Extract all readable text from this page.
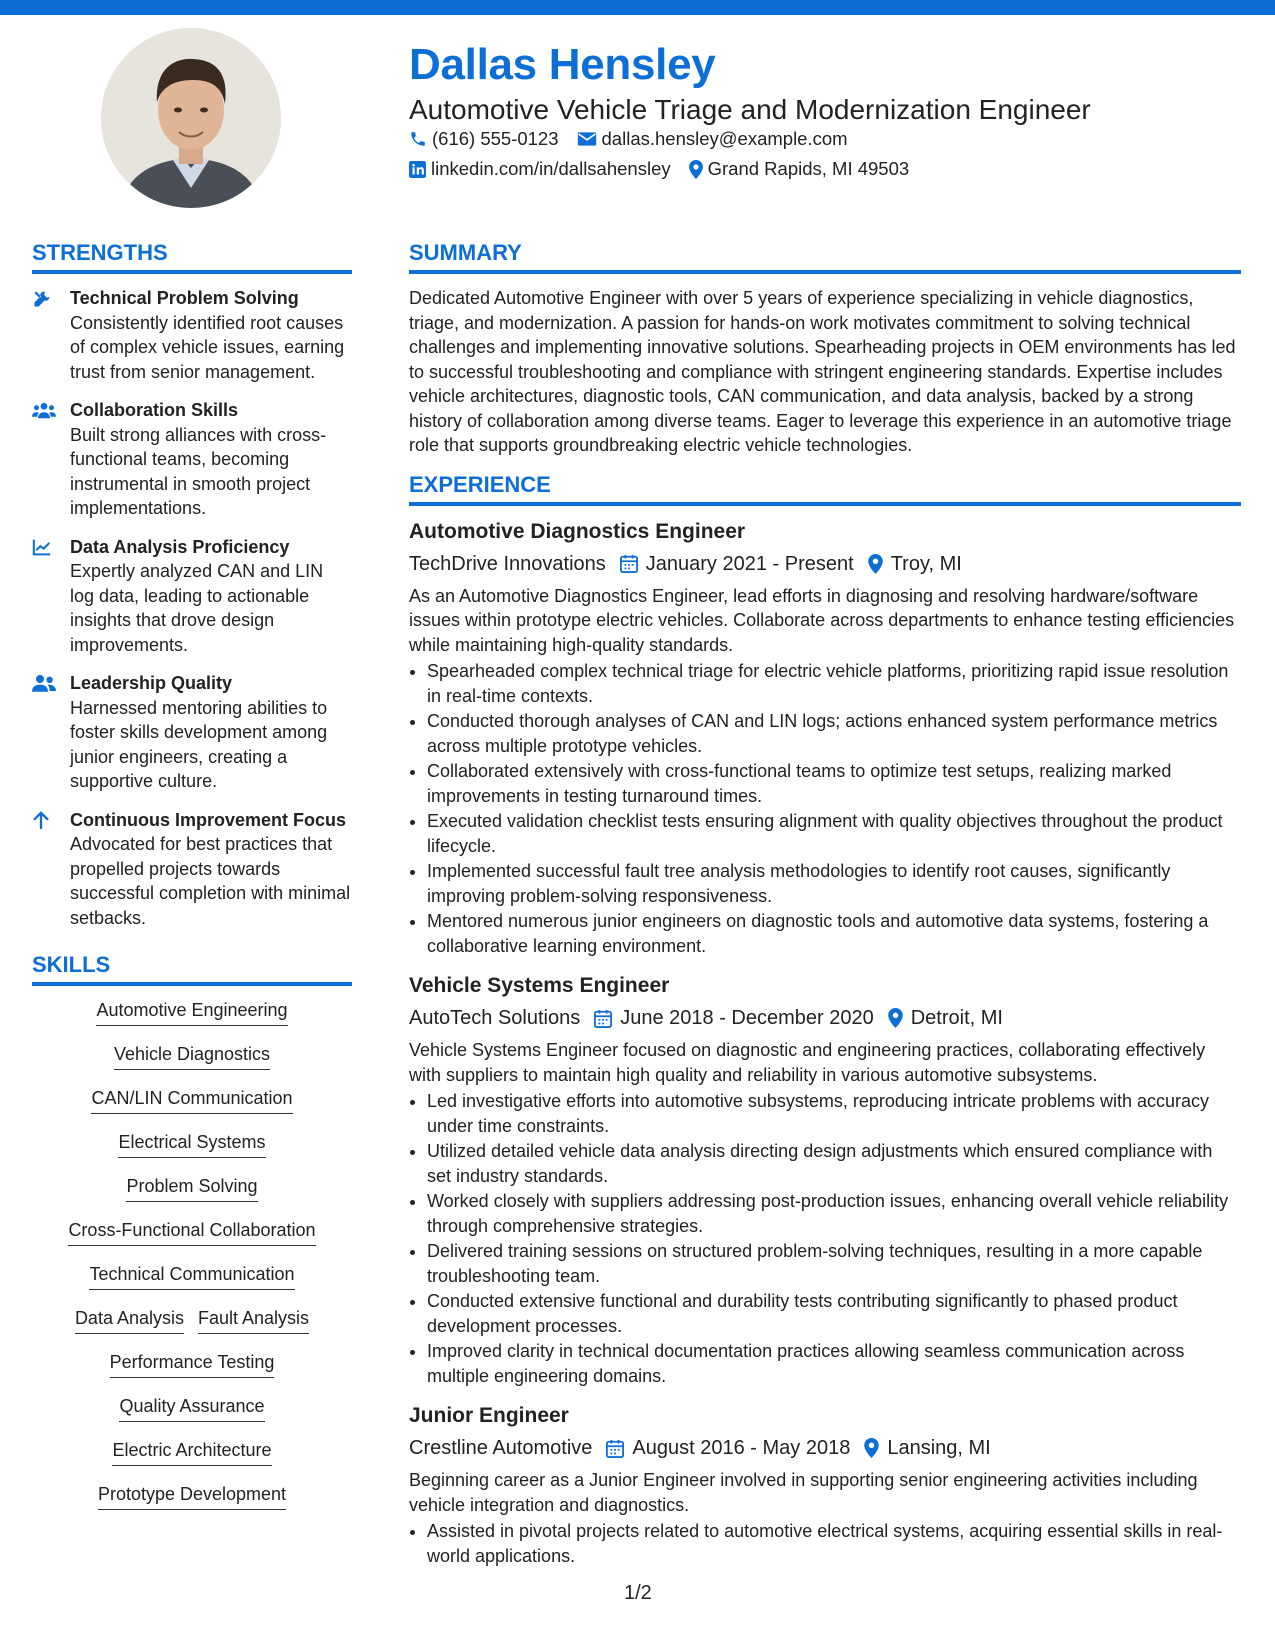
Dallas Hensley
Automotive Vehicle Triage and Modernization Engineer
(616) 555-0123 dallas.hensley@example.com
linkedin.com/in/dallsahensley Grand Rapids, MI 49503
STRENGTHS
Technical Problem Solving
Consistently identified root causes of complex vehicle issues, earning trust from senior management.
Collaboration Skills
Built strong alliances with cross-functional teams, becoming instrumental in smooth project implementations.
Data Analysis Proficiency
Expertly analyzed CAN and LIN log data, leading to actionable insights that drove design improvements.
Leadership Quality
Harnessed mentoring abilities to foster skills development among junior engineers, creating a supportive culture.
Continuous Improvement Focus
Advocated for best practices that propelled projects towards successful completion with minimal setbacks.
SKILLS
Automotive Engineering
Vehicle Diagnostics
CAN/LIN Communication
Electrical Systems
Problem Solving
Cross-Functional Collaboration
Technical Communication
Data Analysis Fault Analysis
Performance Testing
Quality Assurance
Electric Architecture
Prototype Development
SUMMARY
Dedicated Automotive Engineer with over 5 years of experience specializing in vehicle diagnostics, triage, and modernization. A passion for hands-on work motivates commitment to solving technical challenges and implementing innovative solutions. Spearheading projects in OEM environments has led to successful troubleshooting and compliance with stringent engineering standards. Expertise includes vehicle architectures, diagnostic tools, CAN communication, and data analysis, backed by a strong history of collaboration among diverse teams. Eager to leverage this experience in an automotive triage role that supports groundbreaking electric vehicle technologies.
EXPERIENCE
Automotive Diagnostics Engineer
TechDrive Innovations January 2021 - Present Troy, MI
As an Automotive Diagnostics Engineer, lead efforts in diagnosing and resolving hardware/software issues within prototype electric vehicles. Collaborate across departments to enhance testing efficiencies while maintaining high-quality standards.
• Spearheaded complex technical triage for electric vehicle platforms, prioritizing rapid issue resolution in real-time contexts.
• Conducted thorough analyses of CAN and LIN logs; actions enhanced system performance metrics across multiple prototype vehicles.
• Collaborated extensively with cross-functional teams to optimize test setups, realizing marked improvements in testing turnaround times.
• Executed validation checklist tests ensuring alignment with quality objectives throughout the product lifecycle.
• Implemented successful fault tree analysis methodologies to identify root causes, significantly improving problem-solving responsiveness.
• Mentored numerous junior engineers on diagnostic tools and automotive data systems, fostering a collaborative learning environment.
Vehicle Systems Engineer
AutoTech Solutions June 2018 - December 2020 Detroit, MI
Vehicle Systems Engineer focused on diagnostic and engineering practices, collaborating effectively with suppliers to maintain high quality and reliability in various automotive subsystems.
• Led investigative efforts into automotive subsystems, reproducing intricate problems with accuracy under time constraints.
• Utilized detailed vehicle data analysis directing design adjustments which ensured compliance with set industry standards.
• Worked closely with suppliers addressing post-production issues, enhancing overall vehicle reliability through comprehensive strategies.
• Delivered training sessions on structured problem-solving techniques, resulting in a more capable troubleshooting team.
• Conducted extensive functional and durability tests contributing significantly to phased product development processes.
• Improved clarity in technical documentation practices allowing seamless communication across multiple engineering domains.
Junior Engineer
Crestline Automotive August 2016 - May 2018 Lansing, MI
Beginning career as a Junior Engineer involved in supporting senior engineering activities including vehicle integration and diagnostics.
• Assisted in pivotal projects related to automotive electrical systems, acquiring essential skills in real-world applications.
1/2
